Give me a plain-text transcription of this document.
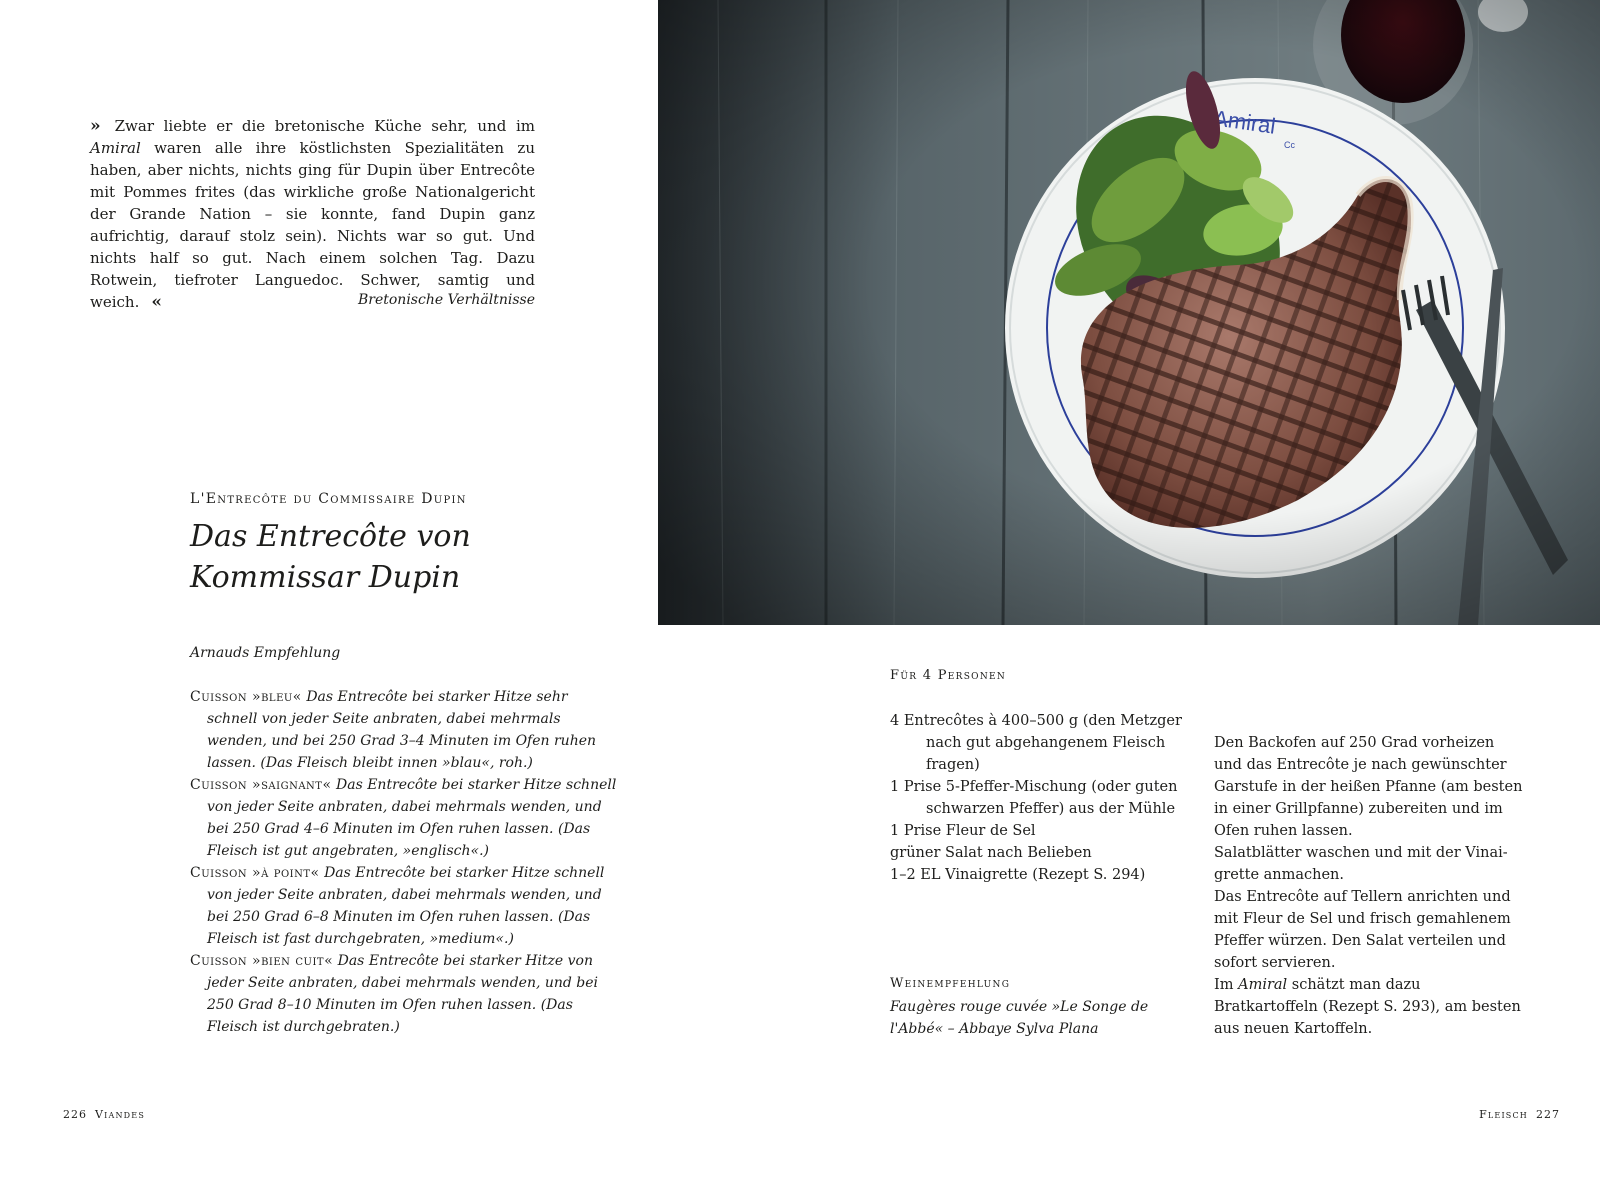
» Zwar liebte er die bretonische Küche sehr, und im Amiral waren alle ihre köstlichsten Spezialitäten zu haben, aber nichts, nichts ging für Dupin über Entrecôte mit Pommes frites (das wirkliche große Nationalgericht der Grande Nation – sie konnte, fand Dupin ganz aufrichtig, darauf stolz sein). Nichts war so gut. Und nichts half so gut. Nach einem solchen Tag. Dazu Rotwein, tiefroter Languedoc. Schwer, samtig und weich. «	Bretonische Verhältnisse
L'Entrecôte du Commissaire Dupin
Das Entrecôte von
Kommissar Dupin
Arnauds Empfehlung
Cuisson »bleu« Das Entrecôte bei starker Hitze sehr schnell von jeder Seite anbraten, dabei mehrmals wenden, und bei 250 Grad 3–4 Minuten im Ofen ruhen lassen. (Das Fleisch bleibt innen »blau«, roh.)
Cuisson »saignant« Das Entrecôte bei starker Hitze schnell von jeder Seite anbraten, dabei mehrmals wenden, und bei 250 Grad 4–6 Minuten im Ofen ruhen lassen. (Das Fleisch ist gut angebraten, »englisch«.)
Cuisson »à point« Das Entrecôte bei starker Hitze schnell von jeder Seite anbraten, dabei mehrmals wenden, und bei 250 Grad 6–8 Minuten im Ofen ruhen lassen. (Das Fleisch ist fast durchgebraten, »medium«.)
Cuisson »bien cuit« Das Entrecôte bei starker Hitze von jeder Seite anbraten, dabei mehrmals wenden, und bei 250 Grad 8–10 Minuten im Ofen ruhen lassen. (Das Fleisch ist durchgebraten.)
226 Viandes
Für 4 Personen
4 Entrecôtes à 400–500 g (den Metzger nach gut abgehangenem Fleisch fragen)
1 Prise 5-Pfeffer-Mischung (oder guten schwarzen Pfeffer) aus der Mühle
1 Prise Fleur de Sel
grüner Salat nach Belieben
1–2 EL Vinaigrette (Rezept S. 294)
Weinempfehlung
Faugères rouge cuvée »Le Songe de l'Abbé« – Abbaye Sylva Plana
Den Backofen auf 250 Grad vorheizen und das Entrecôte je nach gewünschter Garstufe in der heißen Pfanne (am besten in einer Grillpfanne) zubereiten und im Ofen ruhen lassen.
Salatblätter waschen und mit der Vinaigrette anmachen.
Das Entrecôte auf Tellern anrichten und mit Fleur de Sel und frisch gemahlenem Pfeffer würzen. Den Salat verteilen und sofort servieren.
Im Amiral schätzt man dazu Bratkartoffeln (Rezept S. 293), am besten aus neuen Kartoffeln.
Fleisch 227
